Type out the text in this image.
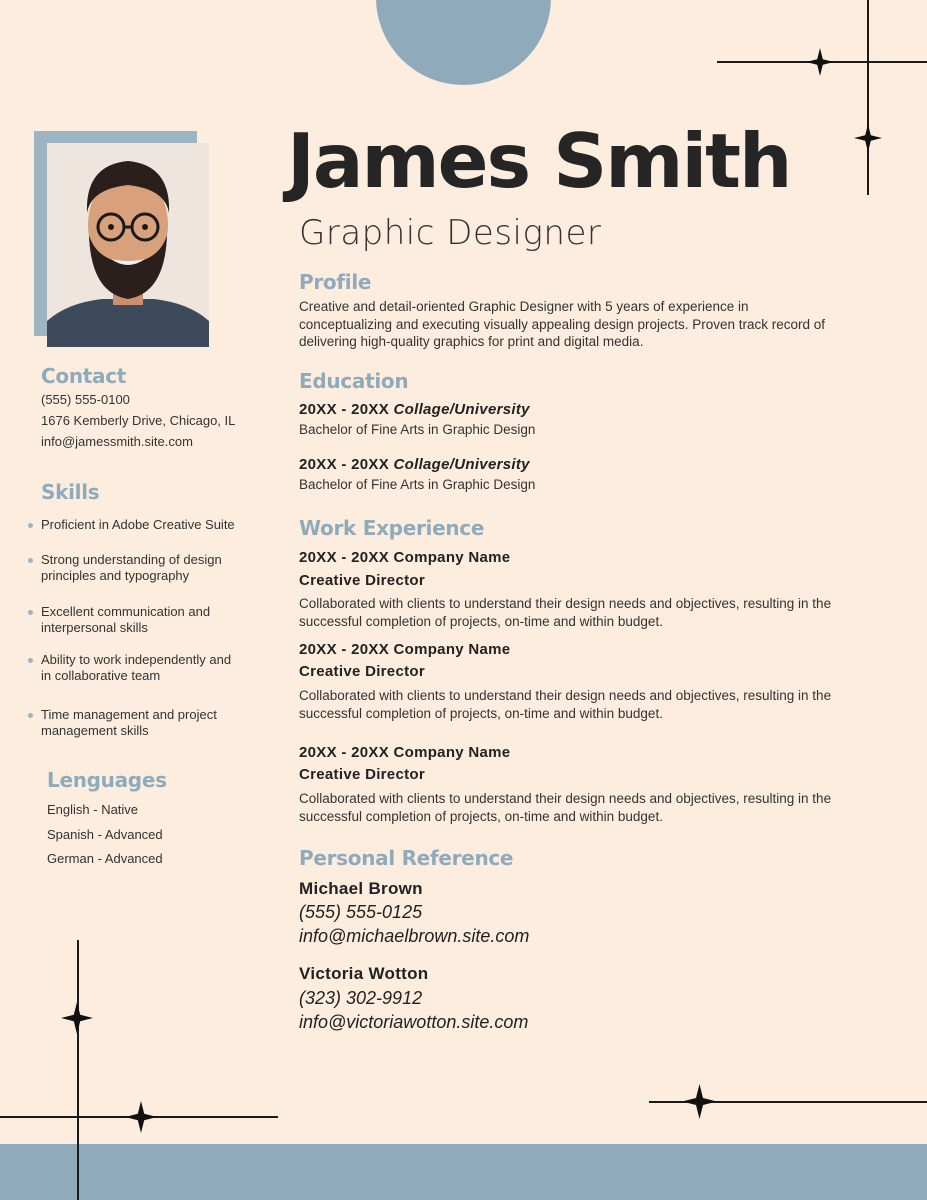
James Smith
Graphic Designer
Profile
Creative and detail-oriented Graphic Designer with 5 years of experience in conceptualizing and executing visually appealing design projects. Proven track record of delivering high-quality graphics for print and digital media.
Education
20XX - 20XX Collage/University
Bachelor of Fine Arts in Graphic Design
20XX - 20XX Collage/University
Bachelor of Fine Arts in Graphic Design
Work Experience
20XX - 20XX Company Name
Creative Director
Collaborated with clients to understand their design needs and objectives, resulting in the successful completion of projects, on-time and within budget.
20XX - 20XX Company Name
Creative Director
Collaborated with clients to understand their design needs and objectives, resulting in the successful completion of projects, on-time and within budget.
20XX - 20XX Company Name
Creative Director
Collaborated with clients to understand their design needs and objectives, resulting in the successful completion of projects, on-time and within budget.
Personal Reference
Michael Brown
(555) 555-0125
info@michaelbrown.site.com
Victoria Wotton
(323) 302-9912
info@victoriawotton.site.com
Contact
(555) 555-0100
1676 Kemberly Drive, Chicago, IL
info@jamessmith.site.com
Skills
Proficient in Adobe Creative Suite
Strong understanding of design principles and typography
Excellent communication and interpersonal skills
Ability to work independently and in collaborative team
Time management and project management skills
Lenguages
English - Native
Spanish - Advanced
German - Advanced
